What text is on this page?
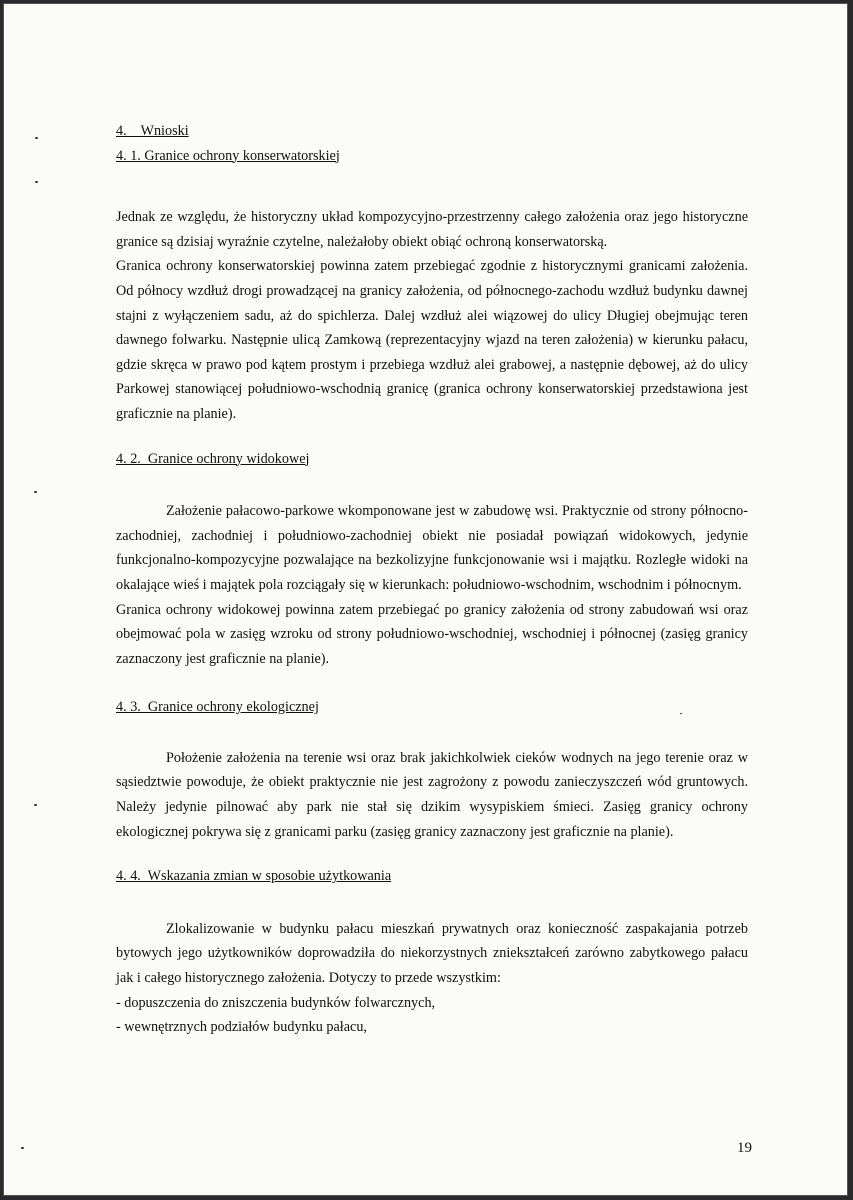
4.    Wnioski

4. 1. Granice ochrony konserwatorskiej

Jednak ze względu, że historyczny układ kompozycyjno-przestrzenny całego założenia oraz jego historyczne granice są dzisiaj wyraźnie czytelne, należałoby obiekt obiąć ochroną konserwatorską.

Granica ochrony konserwatorskiej powinna zatem przebiegać zgodnie z historycznymi granicami założenia. Od północy wzdłuż drogi prowadzącej na granicy założenia, od północnego-zachodu wzdłuż budynku dawnej stajni z wyłączeniem sadu, aż do spichlerza. Dalej wzdłuż alei wiązowej do ulicy Długiej obejmując teren dawnego folwarku. Następnie ulicą Zamkową (reprezentacyjny wjazd na teren założenia) w kierunku pałacu, gdzie skręca w prawo pod kątem prostym i przebiega wzdłuż alei grabowej, a następnie dębowej, aż do ulicy Parkowej stanowiącej południowo-wschodnią granicę (granica ochrony konserwatorskiej przedstawiona jest graficznie na planie).

4. 2.  Granice ochrony widokowej

Założenie pałacowo-parkowe wkomponowane jest w zabudowę wsi. Praktycznie od strony północno-zachodniej, zachodniej i południowo-zachodniej obiekt nie posiadał powiązań widokowych, jedynie funkcjonalno-kompozycyjne pozwalające na bezkolizyjne funkcjonowanie wsi i majątku. Rozległe widoki na okalające wieś i majątek pola rozciągały się w kierunkach: południowo-wschodnim, wschodnim i północnym.

Granica ochrony widokowej powinna zatem przebiegać po granicy założenia od strony zabudowań wsi oraz obejmować pola w zasięg wzroku od strony południowo-wschodniej, wschodniej i północnej (zasięg granicy zaznaczony jest graficznie na planie).

4. 3.  Granice ochrony ekologicznej

Położenie założenia na terenie wsi oraz brak jakichkolwiek cieków wodnych na jego terenie oraz w sąsiedztwie powoduje, że obiekt praktycznie nie jest zagrożony z powodu zanieczyszczeń wód gruntowych. Należy jedynie pilnować aby park nie stał się dzikim wysypiskiem śmieci. Zasięg granicy ochrony ekologicznej pokrywa się z granicami parku (zasięg granicy zaznaczony jest graficznie na planie).

4. 4.  Wskazania zmian w sposobie użytkowania

Zlokalizowanie w budynku pałacu mieszkań prywatnych oraz konieczność zaspakajania potrzeb bytowych jego użytkowników doprowadziła do niekorzystnych zniekształceń zarówno zabytkowego pałacu jak i całego historycznego założenia. Dotyczy to przede wszystkim:

- dopuszczenia do zniszczenia budynków folwarcznych,

- wewnętrznych podziałów budynku pałacu,

19
